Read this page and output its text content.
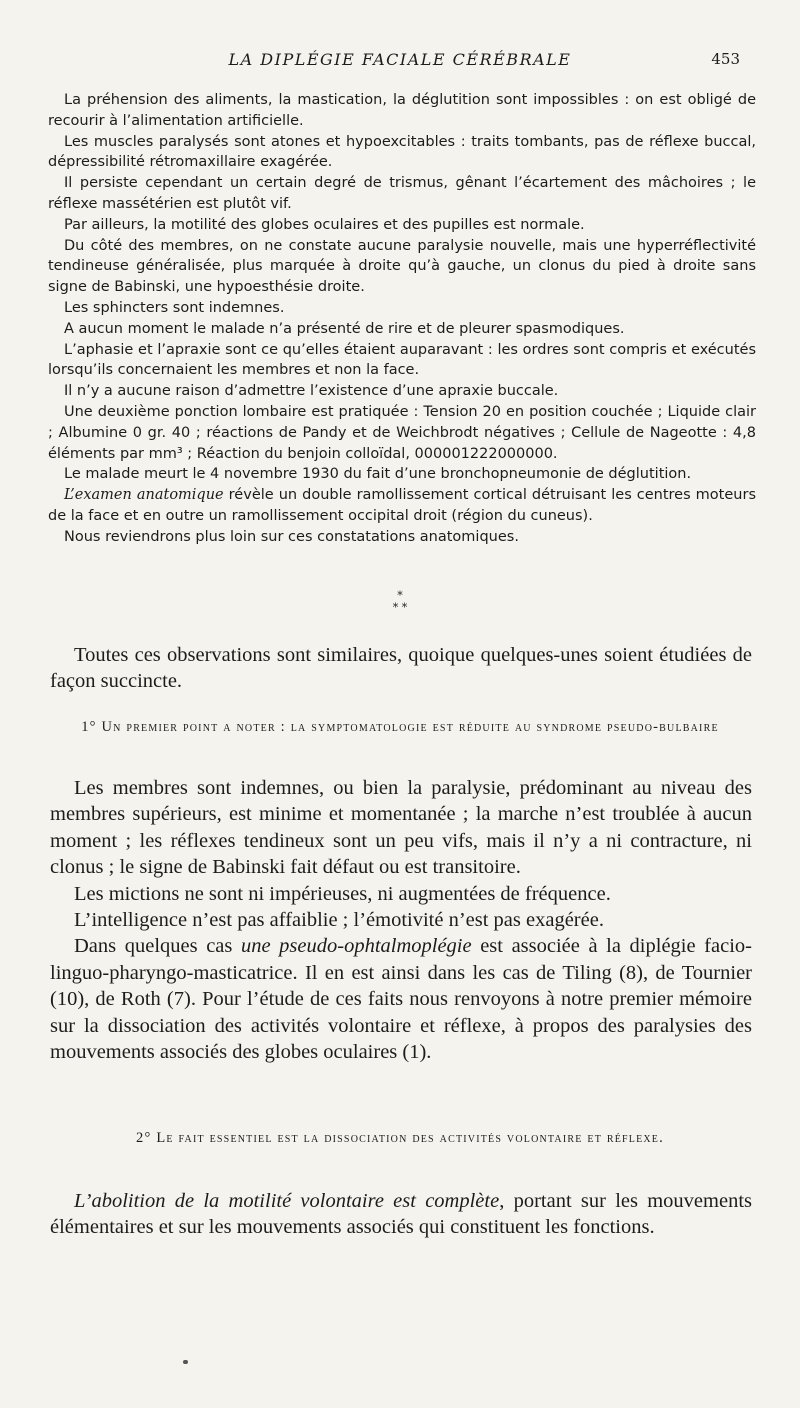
LA DIPLÉGIE FACIALE CÉRÉBRALE	453

La préhension des aliments, la mastication, la déglutition sont impossibles : on est obligé de recourir à l’alimentation artificielle.

Les muscles paralysés sont atones et hypoexcitables : traits tombants, pas de réflexe buccal, dépressibilité rétromaxillaire exagérée.

Il persiste cependant un certain degré de trismus, gênant l’écartement des mâchoires ; le réflexe massétérien est plutôt vif.

Par ailleurs, la motilité des globes oculaires et des pupilles est normale.

Du côté des membres, on ne constate aucune paralysie nouvelle, mais une hyperréflectivité tendineuse généralisée, plus marquée à droite qu’à gauche, un clonus du pied à droite sans signe de Babinski, une hypoesthésie droite.

Les sphincters sont indemnes.

A aucun moment le malade n’a présenté de rire et de pleurer spasmodiques.

L’aphasie et l’apraxie sont ce qu’elles étaient auparavant : les ordres sont compris et exécutés lorsqu’ils concernaient les membres et non la face.

Il n’y a aucune raison d’admettre l’existence d’une apraxie buccale.

Une deuxième ponction lombaire est pratiquée : Tension 20 en position couchée ; Liquide clair ; Albumine 0 gr. 40 ; réactions de Pandy et de Weichbrodt négatives ; Cellule de Nageotte : 4,8 éléments par mm³ ; Réaction du benjoin colloïdal, 000001222000000.

Le malade meurt le 4 novembre 1930 du fait d’une bronchopneumonie de déglutition.

L’examen anatomique révèle un double ramollissement cortical détruisant les centres moteurs de la face et en outre un ramollissement occipital droit (région du cuneus).

Nous reviendrons plus loin sur ces constatations anatomiques.

*
* *

Toutes ces observations sont similaires, quoique quelques-unes soient étudiées de façon succincte.

1° Un premier point a noter : la symptomatologie est réduite au syndrome pseudo-bulbaire

Les membres sont indemnes, ou bien la paralysie, prédominant au niveau des membres supérieurs, est minime et momentanée ; la marche n’est troublée à aucun moment ; les réflexes tendineux sont un peu vifs, mais il n’y a ni contracture, ni clonus ; le signe de Babinski fait défaut ou est transitoire.

Les mictions ne sont ni impérieuses, ni augmentées de fréquence.

L’intelligence n’est pas affaiblie ; l’émotivité n’est pas exagérée.

Dans quelques cas une pseudo-ophtalmoplégie est associée à la diplégie facio-linguo-pharyngo-masticatrice. Il en est ainsi dans les cas de Tiling (8), de Tournier (10), de Roth (7). Pour l’étude de ces faits nous renvoyons à notre premier mémoire sur la dissociation des activités volontaire et réflexe, à propos des paralysies des mouvements associés des globes oculaires (1).

2° Le fait essentiel est la dissociation des activités volontaire et réflexe.

L’abolition de la motilité volontaire est complète, portant sur les mouvements élémentaires et sur les mouvements associés qui constituent les fonctions.
